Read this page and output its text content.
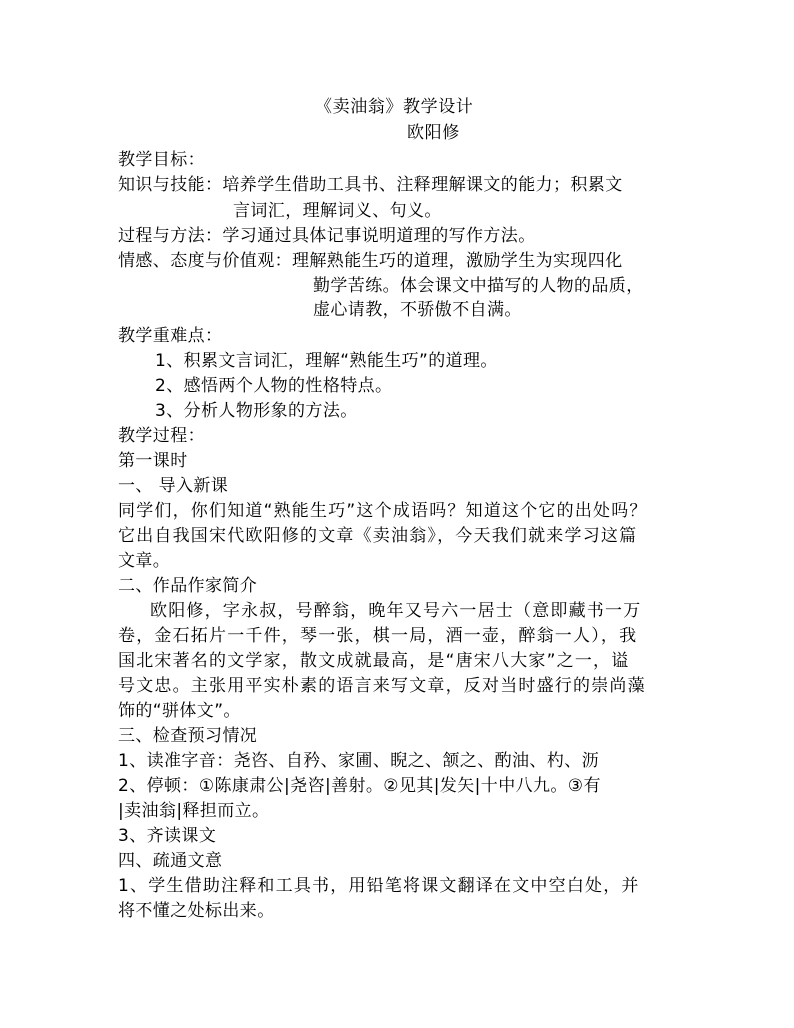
《卖油翁》教学设计
欧阳修
教学目标：
知识与技能：培养学生借助工具书、注释理解课文的能力；积累文
言词汇，理解词义、句义。
过程与方法：学习通过具体记事说明道理的写作方法。
情感、态度与价值观：理解熟能生巧的道理，激励学生为实现四化
勤学苦练。体会课文中描写的人物的品质，
虚心请教，不骄傲不自满。
教学重难点：
1、积累文言词汇，理解“熟能生巧”的道理。
2、感悟两个人物的性格特点。
3、分析人物形象的方法。
教学过程：
第一课时
一、 导入新课
同学们，你们知道“熟能生巧”这个成语吗？知道这个它的出处吗？
它出自我国宋代欧阳修的文章《卖油翁》，今天我们就来学习这篇
文章。
二、作品作家简介
欧阳修，字永叔，号醉翁，晚年又号六一居士（意即藏书一万
卷，金石拓片一千件，琴一张，棋一局，酒一壶，醉翁一人），我
国北宋著名的文学家，散文成就最高，是“唐宋八大家”之一，谥
号文忠。主张用平实朴素的语言来写文章，反对当时盛行的崇尚藻
饰的“骈体文”。
三、检查预习情况
1、读准字音：尧咨、自矜、家圃、睨之、颔之、酌油、杓、沥
2、停顿：①陈康肃公|尧咨|善射。②见其|发矢|十中八九。③有
|卖油翁|释担而立。
3、齐读课文
四、疏通文意
1、学生借助注释和工具书，用铅笔将课文翻译在文中空白处，并
将不懂之处标出来。
